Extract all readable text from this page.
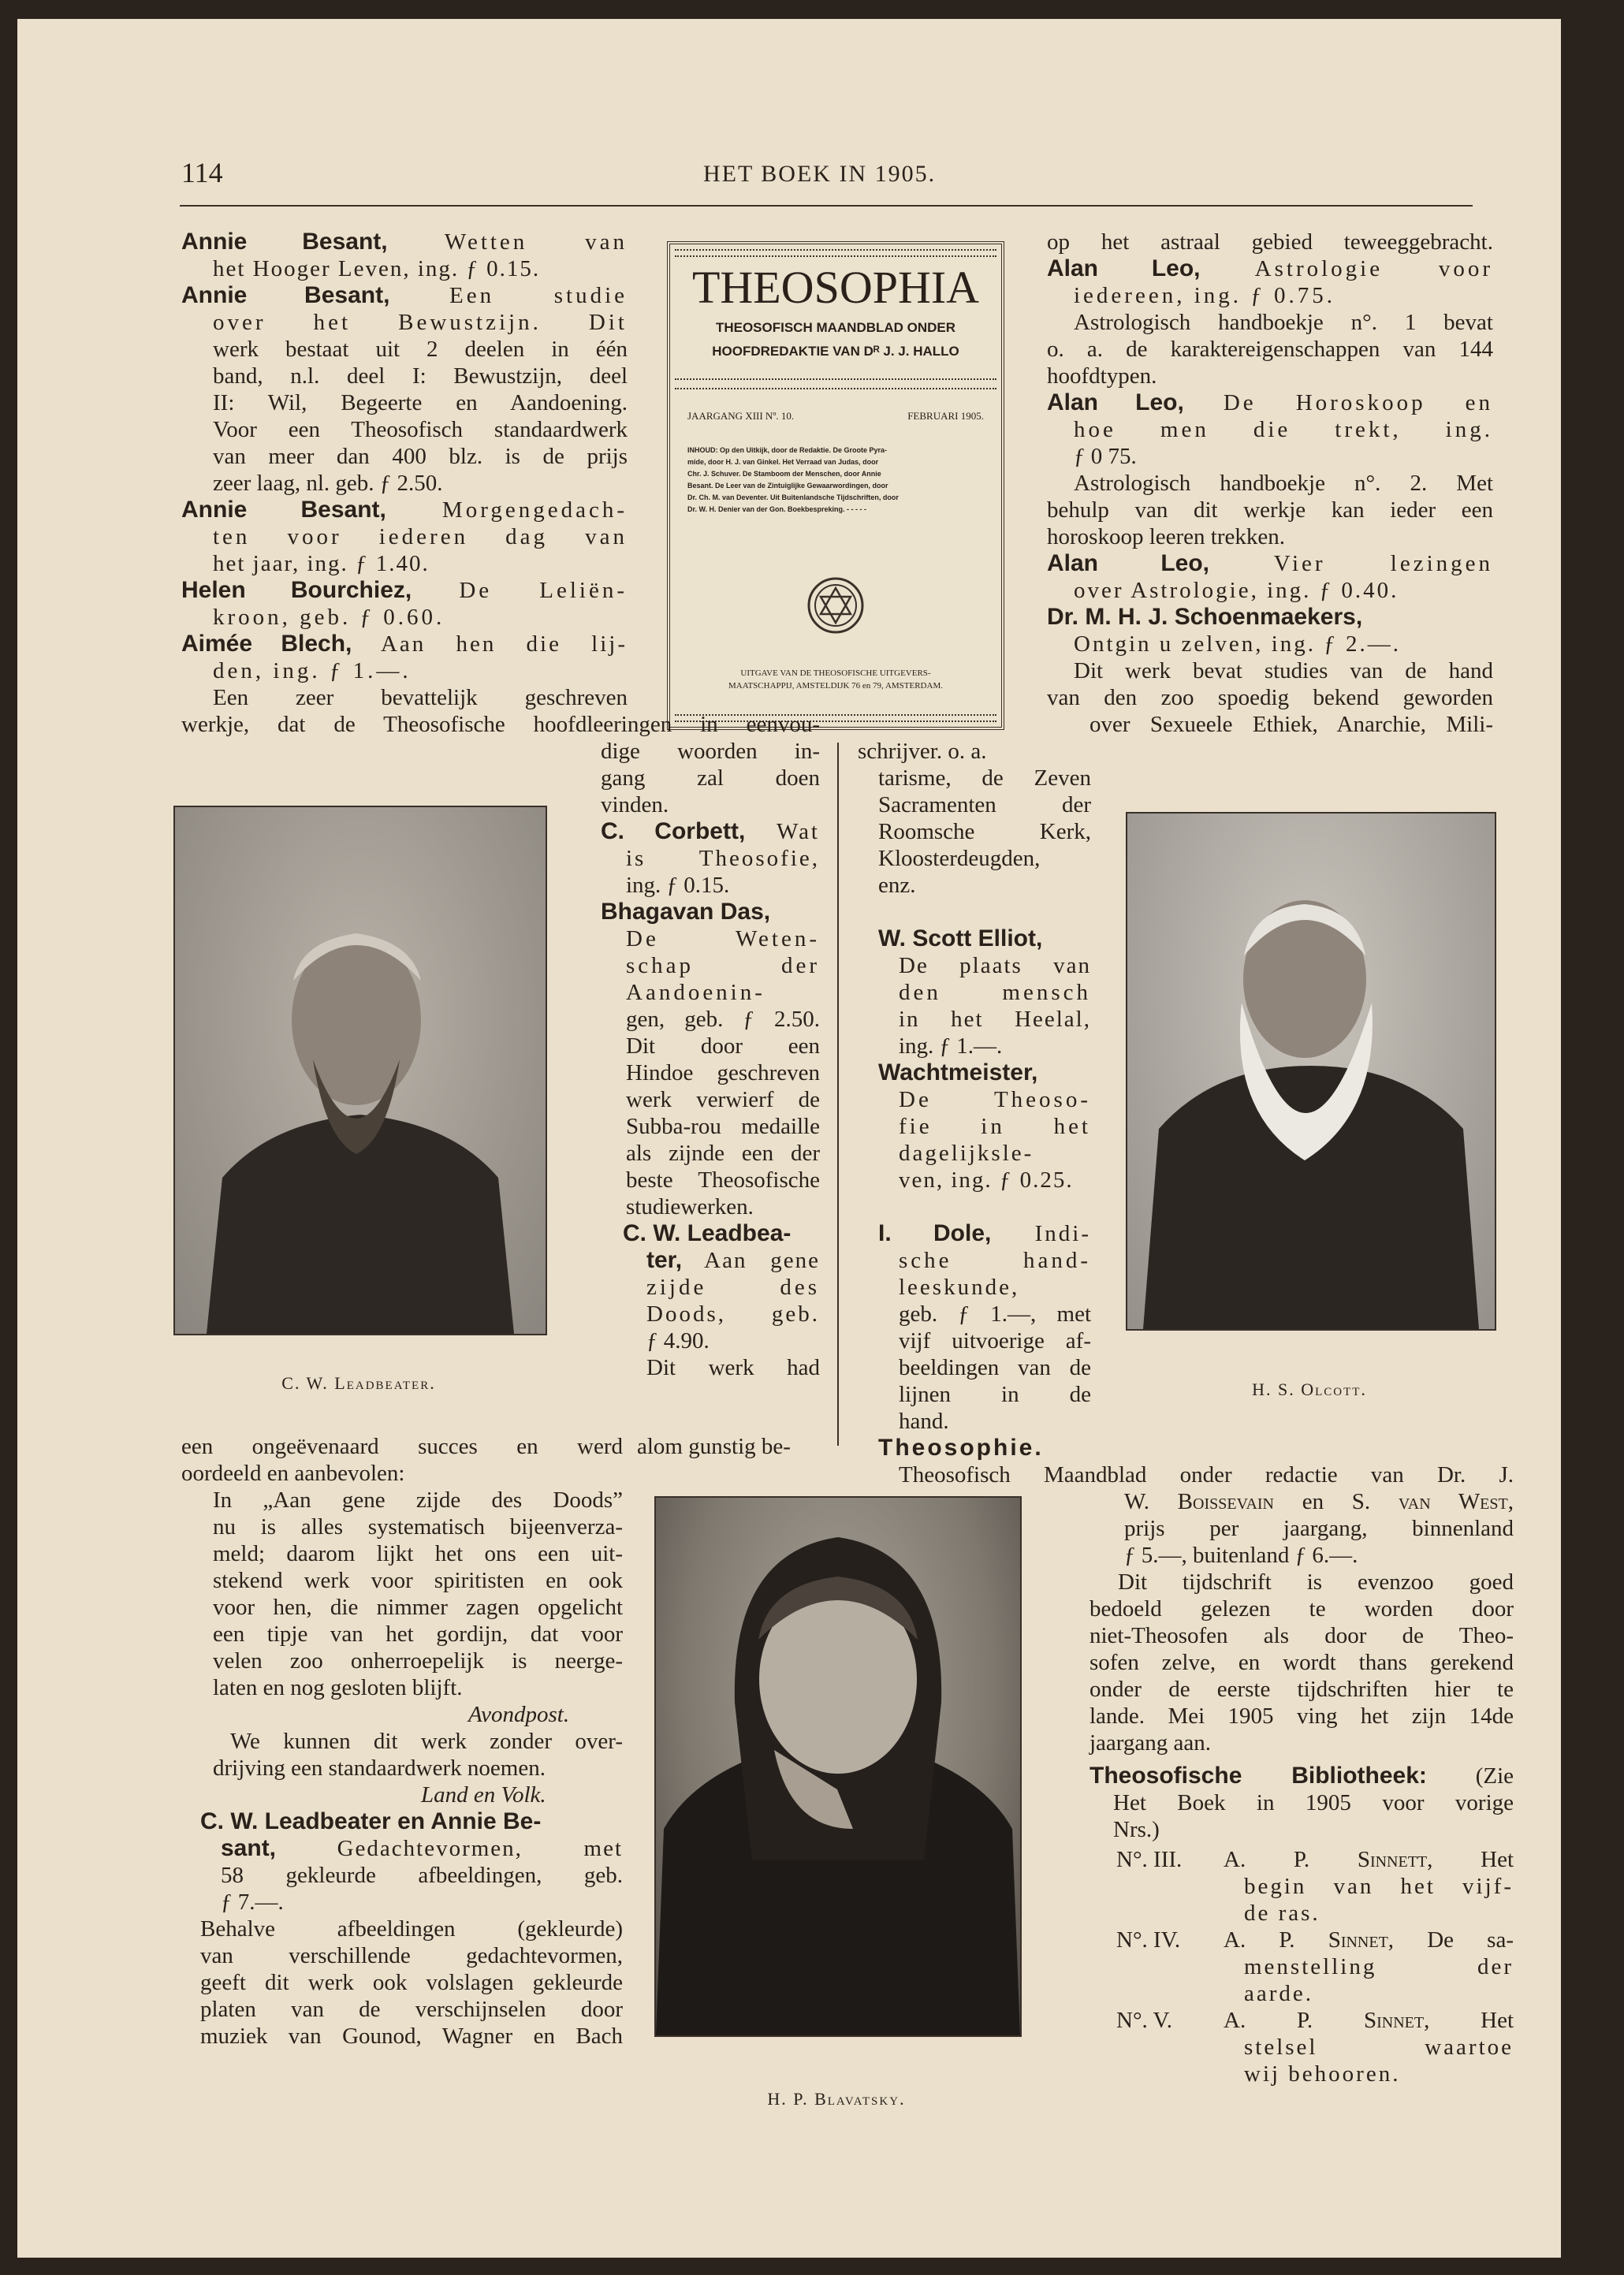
114	HET BOEK IN 1905.
THEOSOPHIA
THEOSOFISCH MAANDBLAD ONDER
HOOFDREDAKTIE VAN Dᴿ J. J. HALLO
JAARGANG XIII Nº. 10.	FEBRUARI 1905.
INHOUD: Op den Uitkijk, door de Redaktie. De Groote Pyra-
mide, door H. J. van Ginkel. Het Verraad van Judas, door
Chr. J. Schuver. De Stamboom der Menschen, door Annie
Besant. De Leer van de Zintuiglijke Gewaarwordingen, door
Dr. Ch. M. van Deventer. Uit Buitenlandsche Tijdschriften, door
Dr. W. H. Denier van der Gon. Boekbespreking. - - - - -
UITGAVE VAN DE THEOSOFISCHE UITGEVERS-
MAATSCHAPPIJ, AMSTELDIJK 76 en 79, AMSTERDAM.
C. W. Leadbeater.	H. S. Olcott.
H. P. Blavatsky.
Annie Besant, Wetten van
het Hooger Leven, ing. ƒ 0.15.
Annie Besant, Een studie
over het Bewustzijn. Dit
werk bestaat uit 2 deelen in één
band, n.l. deel I: Bewustzijn, deel
II: Wil, Begeerte en Aandoening.
Voor een Theosofisch standaardwerk
van meer dan 400 blz. is de prijs
zeer laag, nl. geb. ƒ 2.50.
Annie Besant, Morgengedach-
ten voor iederen dag van
het jaar, ing. ƒ 1.40.
Helen Bourchiez, De Leliën-
kroon, geb. ƒ 0.60.
Aimée Blech, Aan hen die lij-
den, ing. ƒ 1.—.
Een zeer bevattelijk geschreven
werkje, dat de Theosofische hoofdleeringen in eenvou-
dige woorden in-
gang zal doen
vinden.
C. Corbett, Wat
is Theosofie,
ing. ƒ 0.15.
Bhagavan Das,
De Weten-
schap der
Aandoenin-
gen, geb. ƒ 2.50.
Dit door een
Hindoe geschreven
werk verwierf de
Subba-rou medaille
als zijnde een der
beste Theosofische
studiewerken.
C. W. Leadbea-
ter, Aan gene
zijde des
Doods, geb.
ƒ 4.90.
Dit werk had
schrijver. o. a.
tarisme, de Zeven
Sacramenten der
Roomsche Kerk,
Kloosterdeugden,
enz.
W. Scott Elliot,
De plaats van
den mensch
in het Heelal,
ing. ƒ 1.—.
Wachtmeister,
De Theoso-
fie in het
dagelijksle-
ven, ing. ƒ 0.25.
I. Dole, Indi-
sche hand-
leeskunde,
geb. ƒ 1.—, met
vijf uitvoerige af-
beeldingen van de
lijnen in de
hand.
Theosophie.
op het astraal gebied teweeggebracht.
Alan Leo, Astrologie voor
iedereen, ing. ƒ 0.75.
Astrologisch handboekje n°. 1 bevat
o. a. de karaktereigenschappen van 144
hoofdtypen.
Alan Leo, De Horoskoop en
hoe men die trekt, ing.
ƒ 0 75.
Astrologisch handboekje n°. 2. Met
behulp van dit werkje kan ieder een
horoskoop leeren trekken.
Alan Leo, Vier lezingen
over Astrologie, ing. ƒ 0.40.
Dr. M. H. J. Schoenmaekers,
Ontgin u zelven, ing. ƒ 2.—.
Dit werk bevat studies van de hand
van den zoo spoedig bekend geworden
over Sexueele Ethiek, Anarchie, Mili-
een ongeëvenaard succes en werd alom gunstig be-
oordeeld en aanbevolen:
In „Aan gene zijde des Doods”
nu is alles systematisch bijeenverza-
meld; daarom lijkt het ons een uit-
stekend werk voor spiritisten en ook
voor hen, die nimmer zagen opgelicht
een tipje van het gordijn, dat voor
velen zoo onherroepelijk is neerge-
laten en nog gesloten blijft.
Avondpost.
We kunnen dit werk zonder over-
drijving een standaardwerk noemen.
Land en Volk.
C. W. Leadbeater en Annie Be-
sant, Gedachtevormen, met
58 gekleurde afbeeldingen, geb.
ƒ 7.—.
Behalve afbeeldingen (gekleurde)
van verschillende gedachtevormen,
geeft dit werk ook volslagen gekleurde
platen van de verschijnselen door
muziek van Gounod, Wagner en Bach
Theosofisch Maandblad onder redactie van Dr. J.
W. Boissevain en S. van West,
prijs per jaargang, binnenland
ƒ 5.—, buitenland ƒ 6.—.
Dit tijdschrift is evenzoo goed
bedoeld gelezen te worden door
niet-Theosofen als door de Theo-
sofen zelve, en wordt thans gerekend
onder de eerste tijdschriften hier te
lande. Mei 1905 ving het zijn 14de
jaargang aan.
Theosofische Bibliotheek: (Zie
Het Boek in 1905 voor vorige
Nrs.)
N°. III. A. P. Sinnett, Het
begin van het vijf-
de ras.
N°. IV. A. P. Sinnet, De sa-
menstelling der
aarde.
N°. V. A. P. Sinnet, Het
stelsel waartoe
wij behooren.
